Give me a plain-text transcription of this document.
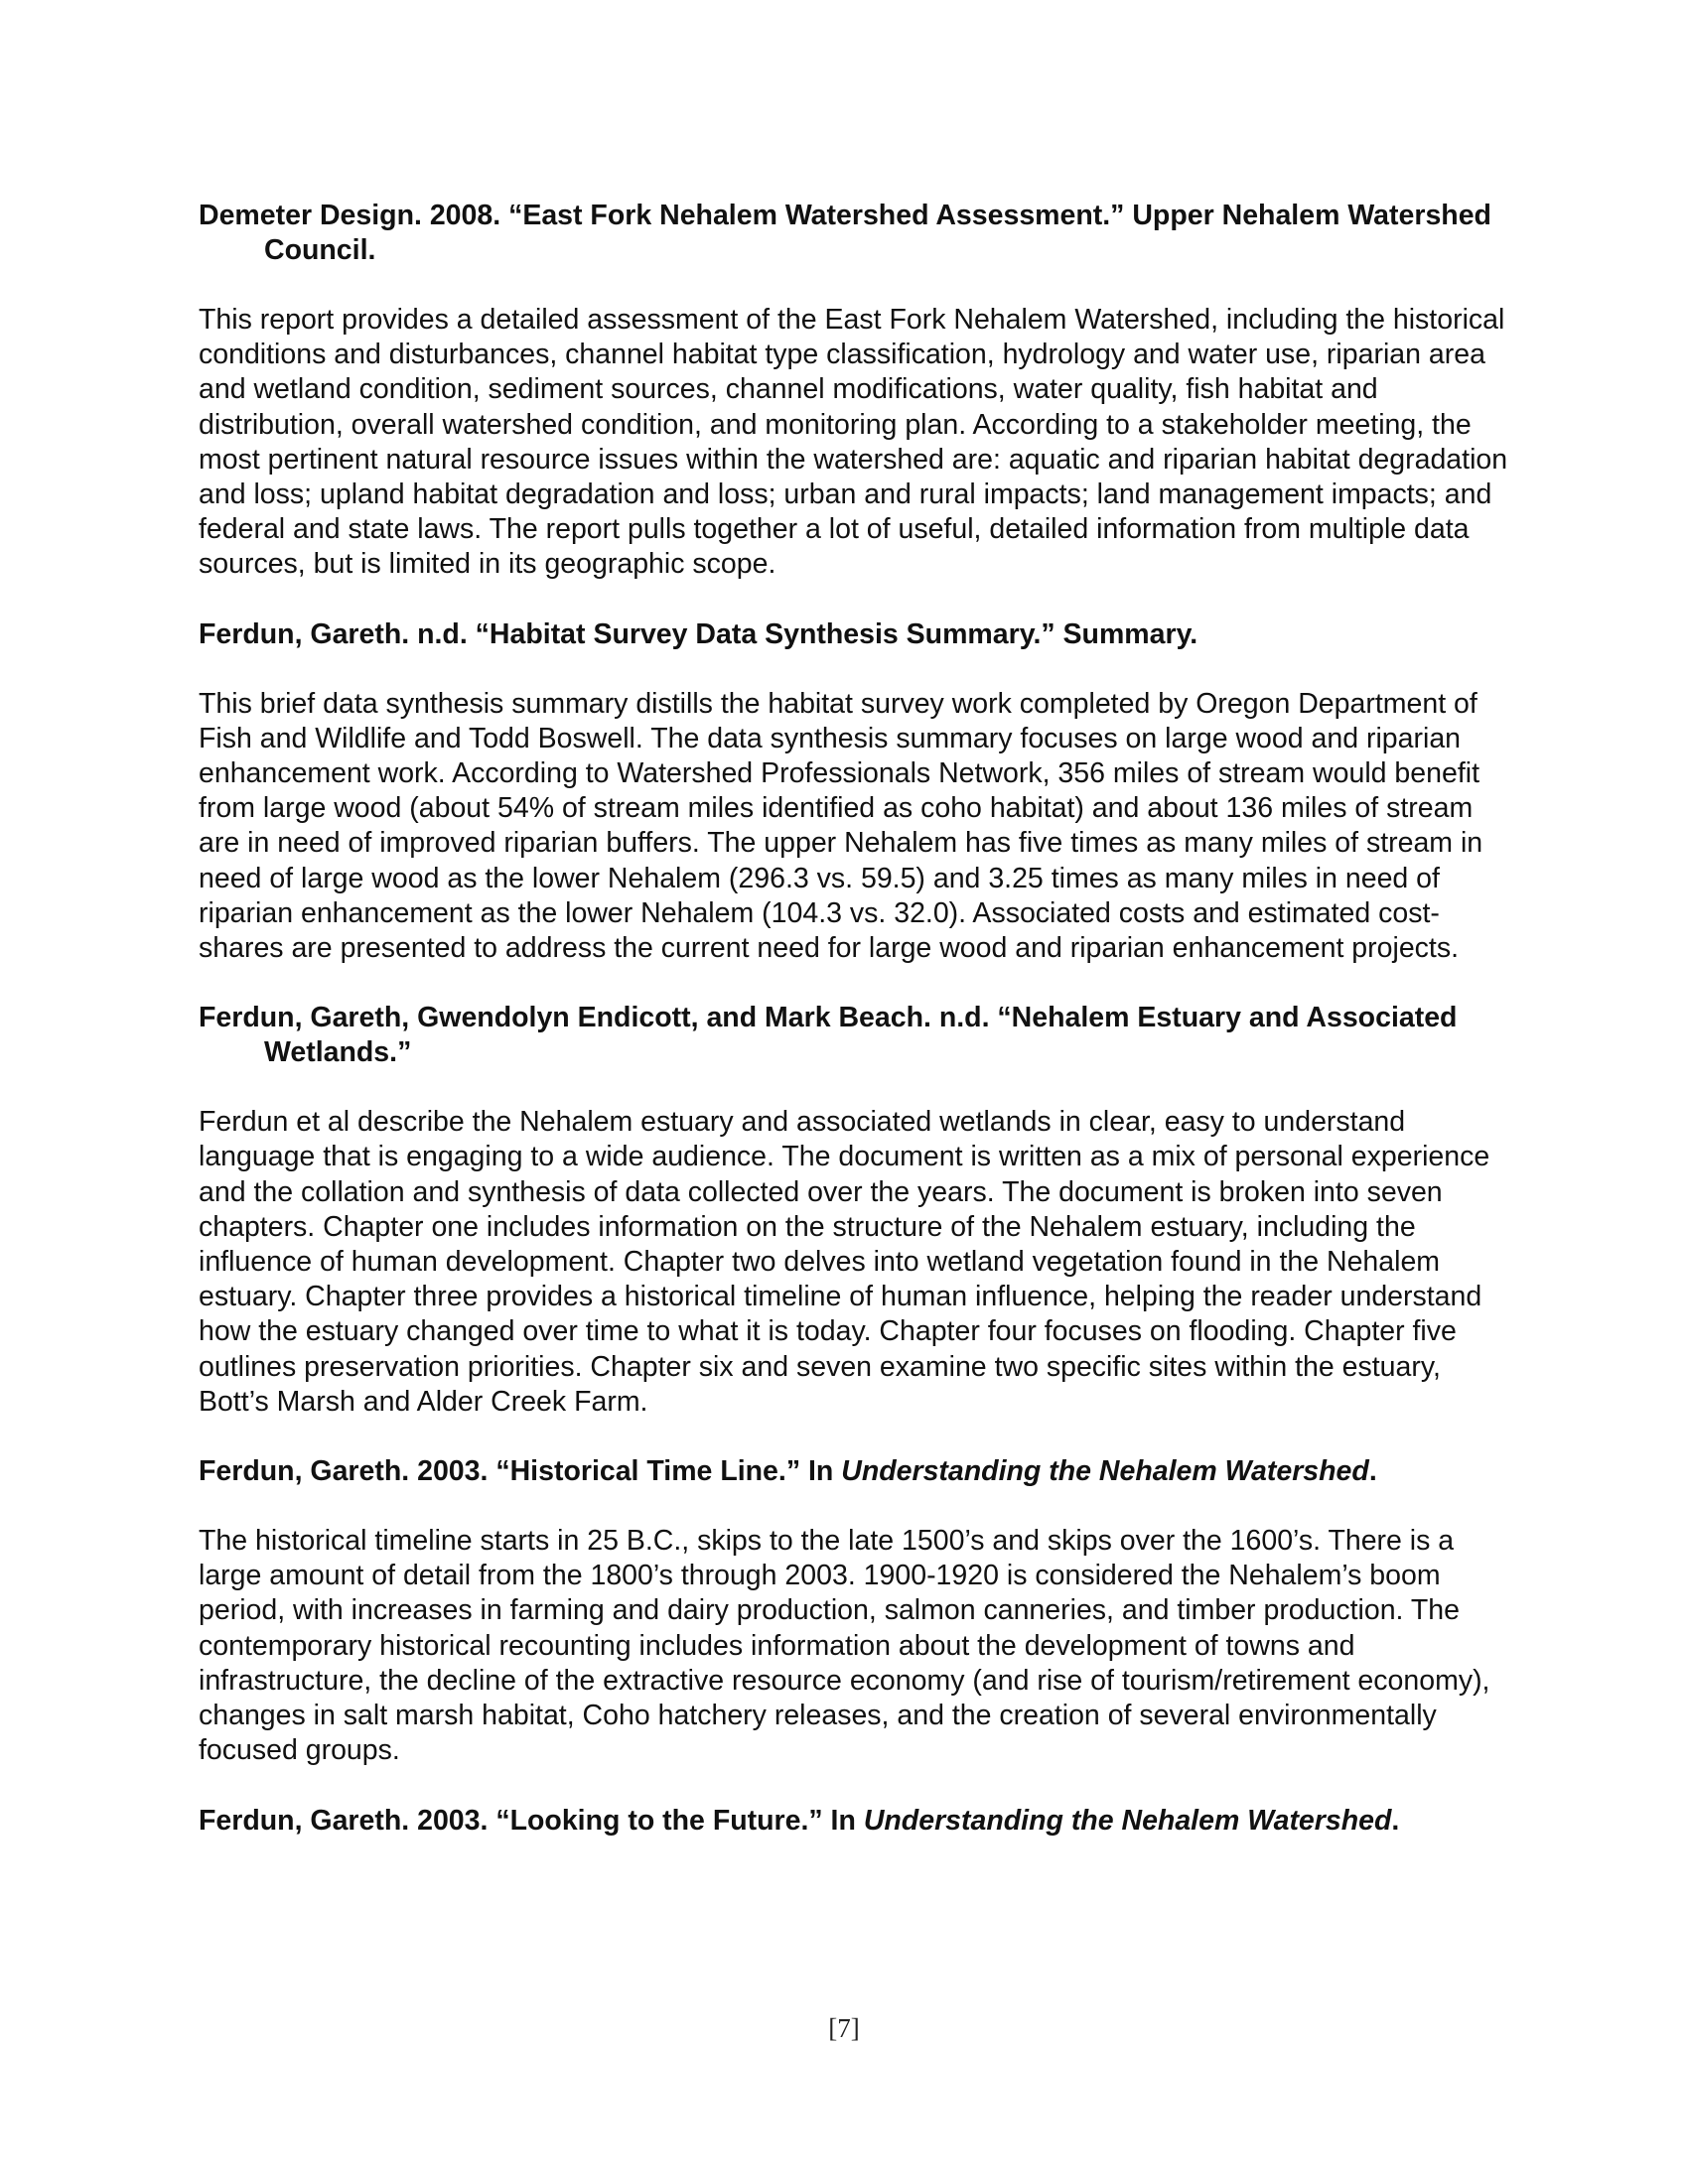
Demeter Design. 2008. “East Fork Nehalem Watershed Assessment.” Upper Nehalem Watershed Council.

This report provides a detailed assessment of the East Fork Nehalem Watershed, including the historical conditions and disturbances, channel habitat type classification, hydrology and water use, riparian area and wetland condition, sediment sources, channel modifications, water quality, fish habitat and distribution, overall watershed condition, and monitoring plan. According to a stakeholder meeting, the most pertinent natural resource issues within the watershed are: aquatic and riparian habitat degradation and loss; upland habitat degradation and loss; urban and rural impacts; land management impacts; and federal and state laws. The report pulls together a lot of useful, detailed information from multiple data sources, but is limited in its geographic scope.

Ferdun, Gareth. n.d. “Habitat Survey Data Synthesis Summary.” Summary.

This brief data synthesis summary distills the habitat survey work completed by Oregon Department of Fish and Wildlife and Todd Boswell. The data synthesis summary focuses on large wood and riparian enhancement work. According to Watershed Professionals Network, 356 miles of stream would benefit from large wood (about 54% of stream miles identified as coho habitat) and about 136 miles of stream are in need of improved riparian buffers. The upper Nehalem has five times as many miles of stream in need of large wood as the lower Nehalem (296.3 vs. 59.5) and 3.25 times as many miles in need of riparian enhancement as the lower Nehalem (104.3 vs. 32.0). Associated costs and estimated cost-shares are presented to address the current need for large wood and riparian enhancement projects.

Ferdun, Gareth, Gwendolyn Endicott, and Mark Beach. n.d. “Nehalem Estuary and Associated Wetlands.”

Ferdun et al describe the Nehalem estuary and associated wetlands in clear, easy to understand language that is engaging to a wide audience. The document is written as a mix of personal experience and the collation and synthesis of data collected over the years. The document is broken into seven chapters. Chapter one includes information on the structure of the Nehalem estuary, including the influence of human development. Chapter two delves into wetland vegetation found in the Nehalem estuary. Chapter three provides a historical timeline of human influence, helping the reader understand how the estuary changed over time to what it is today. Chapter four focuses on flooding. Chapter five outlines preservation priorities. Chapter six and seven examine two specific sites within the estuary, Bott’s Marsh and Alder Creek Farm.

Ferdun, Gareth. 2003. “Historical Time Line.” In Understanding the Nehalem Watershed.

The historical timeline starts in 25 B.C., skips to the late 1500’s and skips over the 1600’s. There is a large amount of detail from the 1800’s through 2003. 1900-1920 is considered the Nehalem’s boom period, with increases in farming and dairy production, salmon canneries, and timber production. The contemporary historical recounting includes information about the development of towns and infrastructure, the decline of the extractive resource economy (and rise of tourism/retirement economy), changes in salt marsh habitat, Coho hatchery releases, and the creation of several environmentally focused groups.

Ferdun, Gareth. 2003. “Looking to the Future.” In Understanding the Nehalem Watershed.

[7]
